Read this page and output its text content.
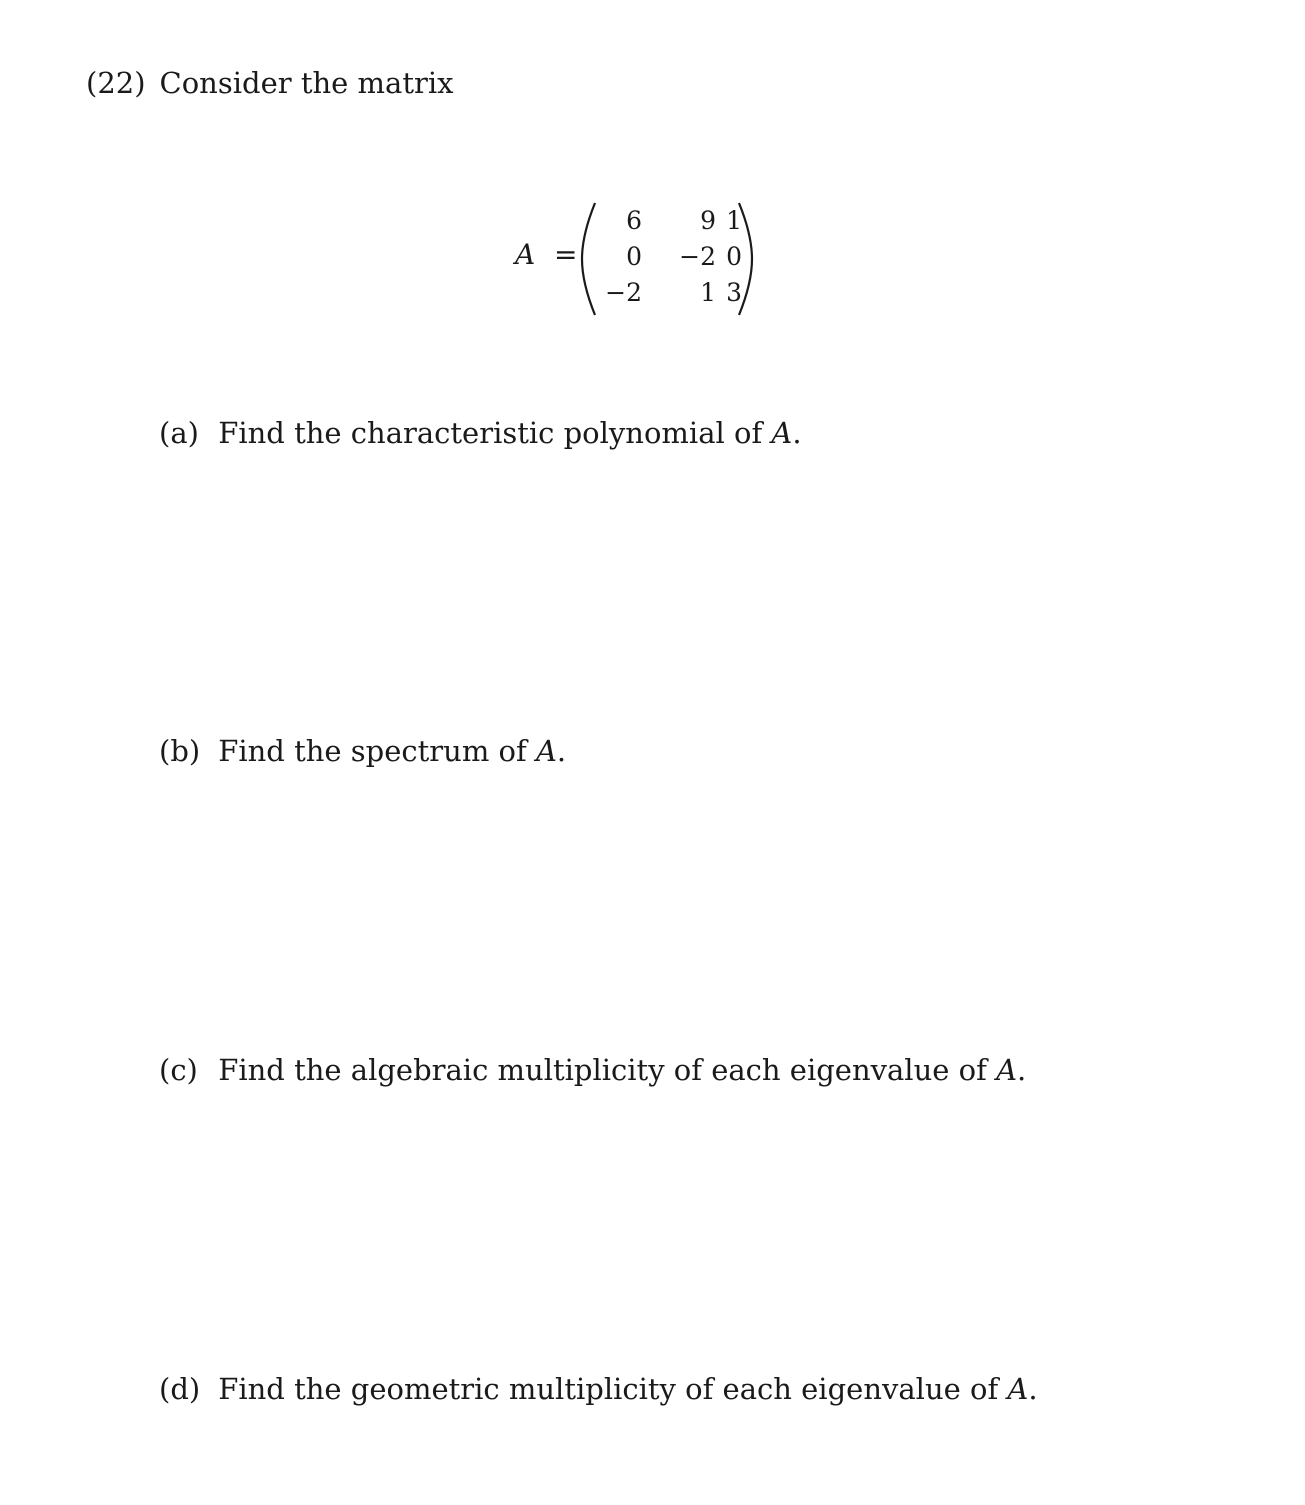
(22) Consider the matrix
A =
6	9 1
0	−2 0
−2	1 3
(a) Find the characteristic polynomial of A.
(b) Find the spectrum of A.
(c) Find the algebraic multiplicity of each eigenvalue of A.
(d) Find the geometric multiplicity of each eigenvalue of A.
